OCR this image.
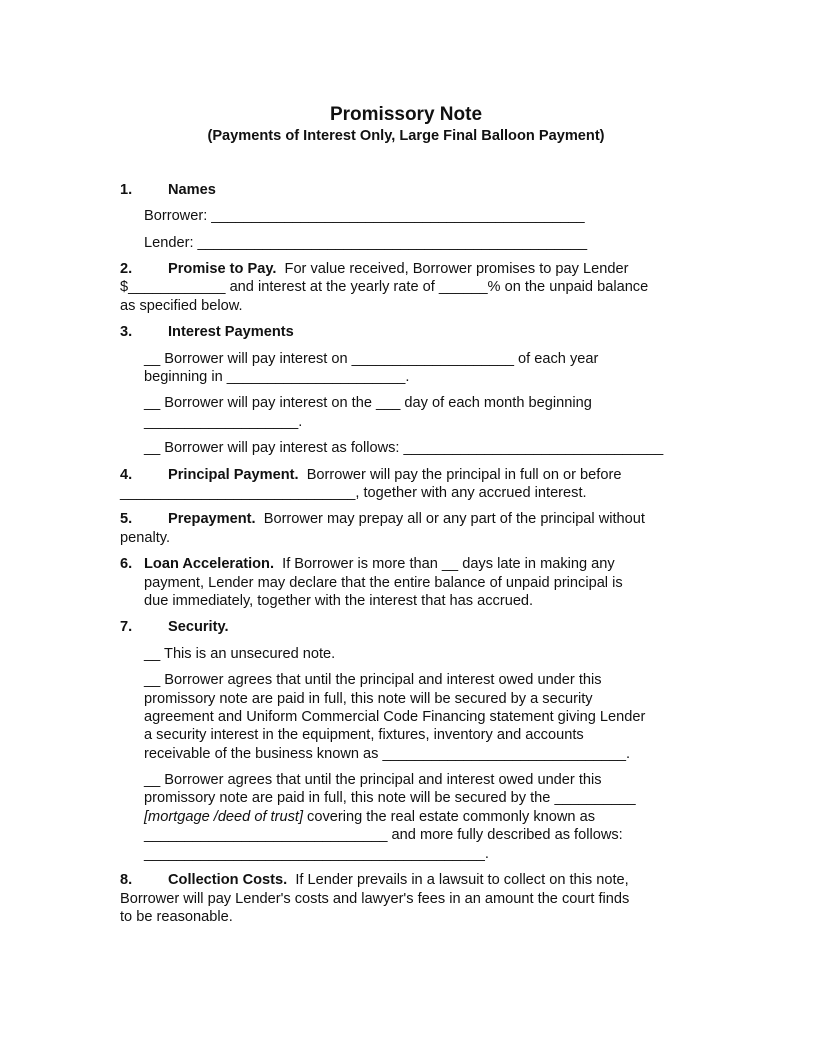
Promissory Note
(Payments of Interest Only, Large Final Balloon Payment)
1. Names
Borrower: ______________________________________________
Lender: ________________________________________________
2. Promise to Pay. For value received, Borrower promises to pay Lender
$____________ and interest at the yearly rate of ______% on the unpaid balance
as specified below.
3. Interest Payments
__ Borrower will pay interest on ____________________ of each year
beginning in ______________________.
__ Borrower will pay interest on the ___ day of each month beginning
___________________.
__ Borrower will pay interest as follows: ________________________________
4. Principal Payment. Borrower will pay the principal in full on or before
_____________________________, together with any accrued interest.
5. Prepayment. Borrower may prepay all or any part of the principal without
penalty.
6. Loan Acceleration. If Borrower is more than __ days late in making any
payment, Lender may declare that the entire balance of unpaid principal is
due immediately, together with the interest that has accrued.
7. Security.
__ This is an unsecured note.
__ Borrower agrees that until the principal and interest owed under this
promissory note are paid in full, this note will be secured by a security
agreement and Uniform Commercial Code Financing statement giving Lender
a security interest in the equipment, fixtures, inventory and accounts
receivable of the business known as ______________________________.
__ Borrower agrees that until the principal and interest owed under this
promissory note are paid in full, this note will be secured by the __________
[mortgage /deed of trust] covering the real estate commonly known as
______________________________ and more fully described as follows:
__________________________________________.
8. Collection Costs. If Lender prevails in a lawsuit to collect on this note,
Borrower will pay Lender's costs and lawyer's fees in an amount the court finds
to be reasonable.
